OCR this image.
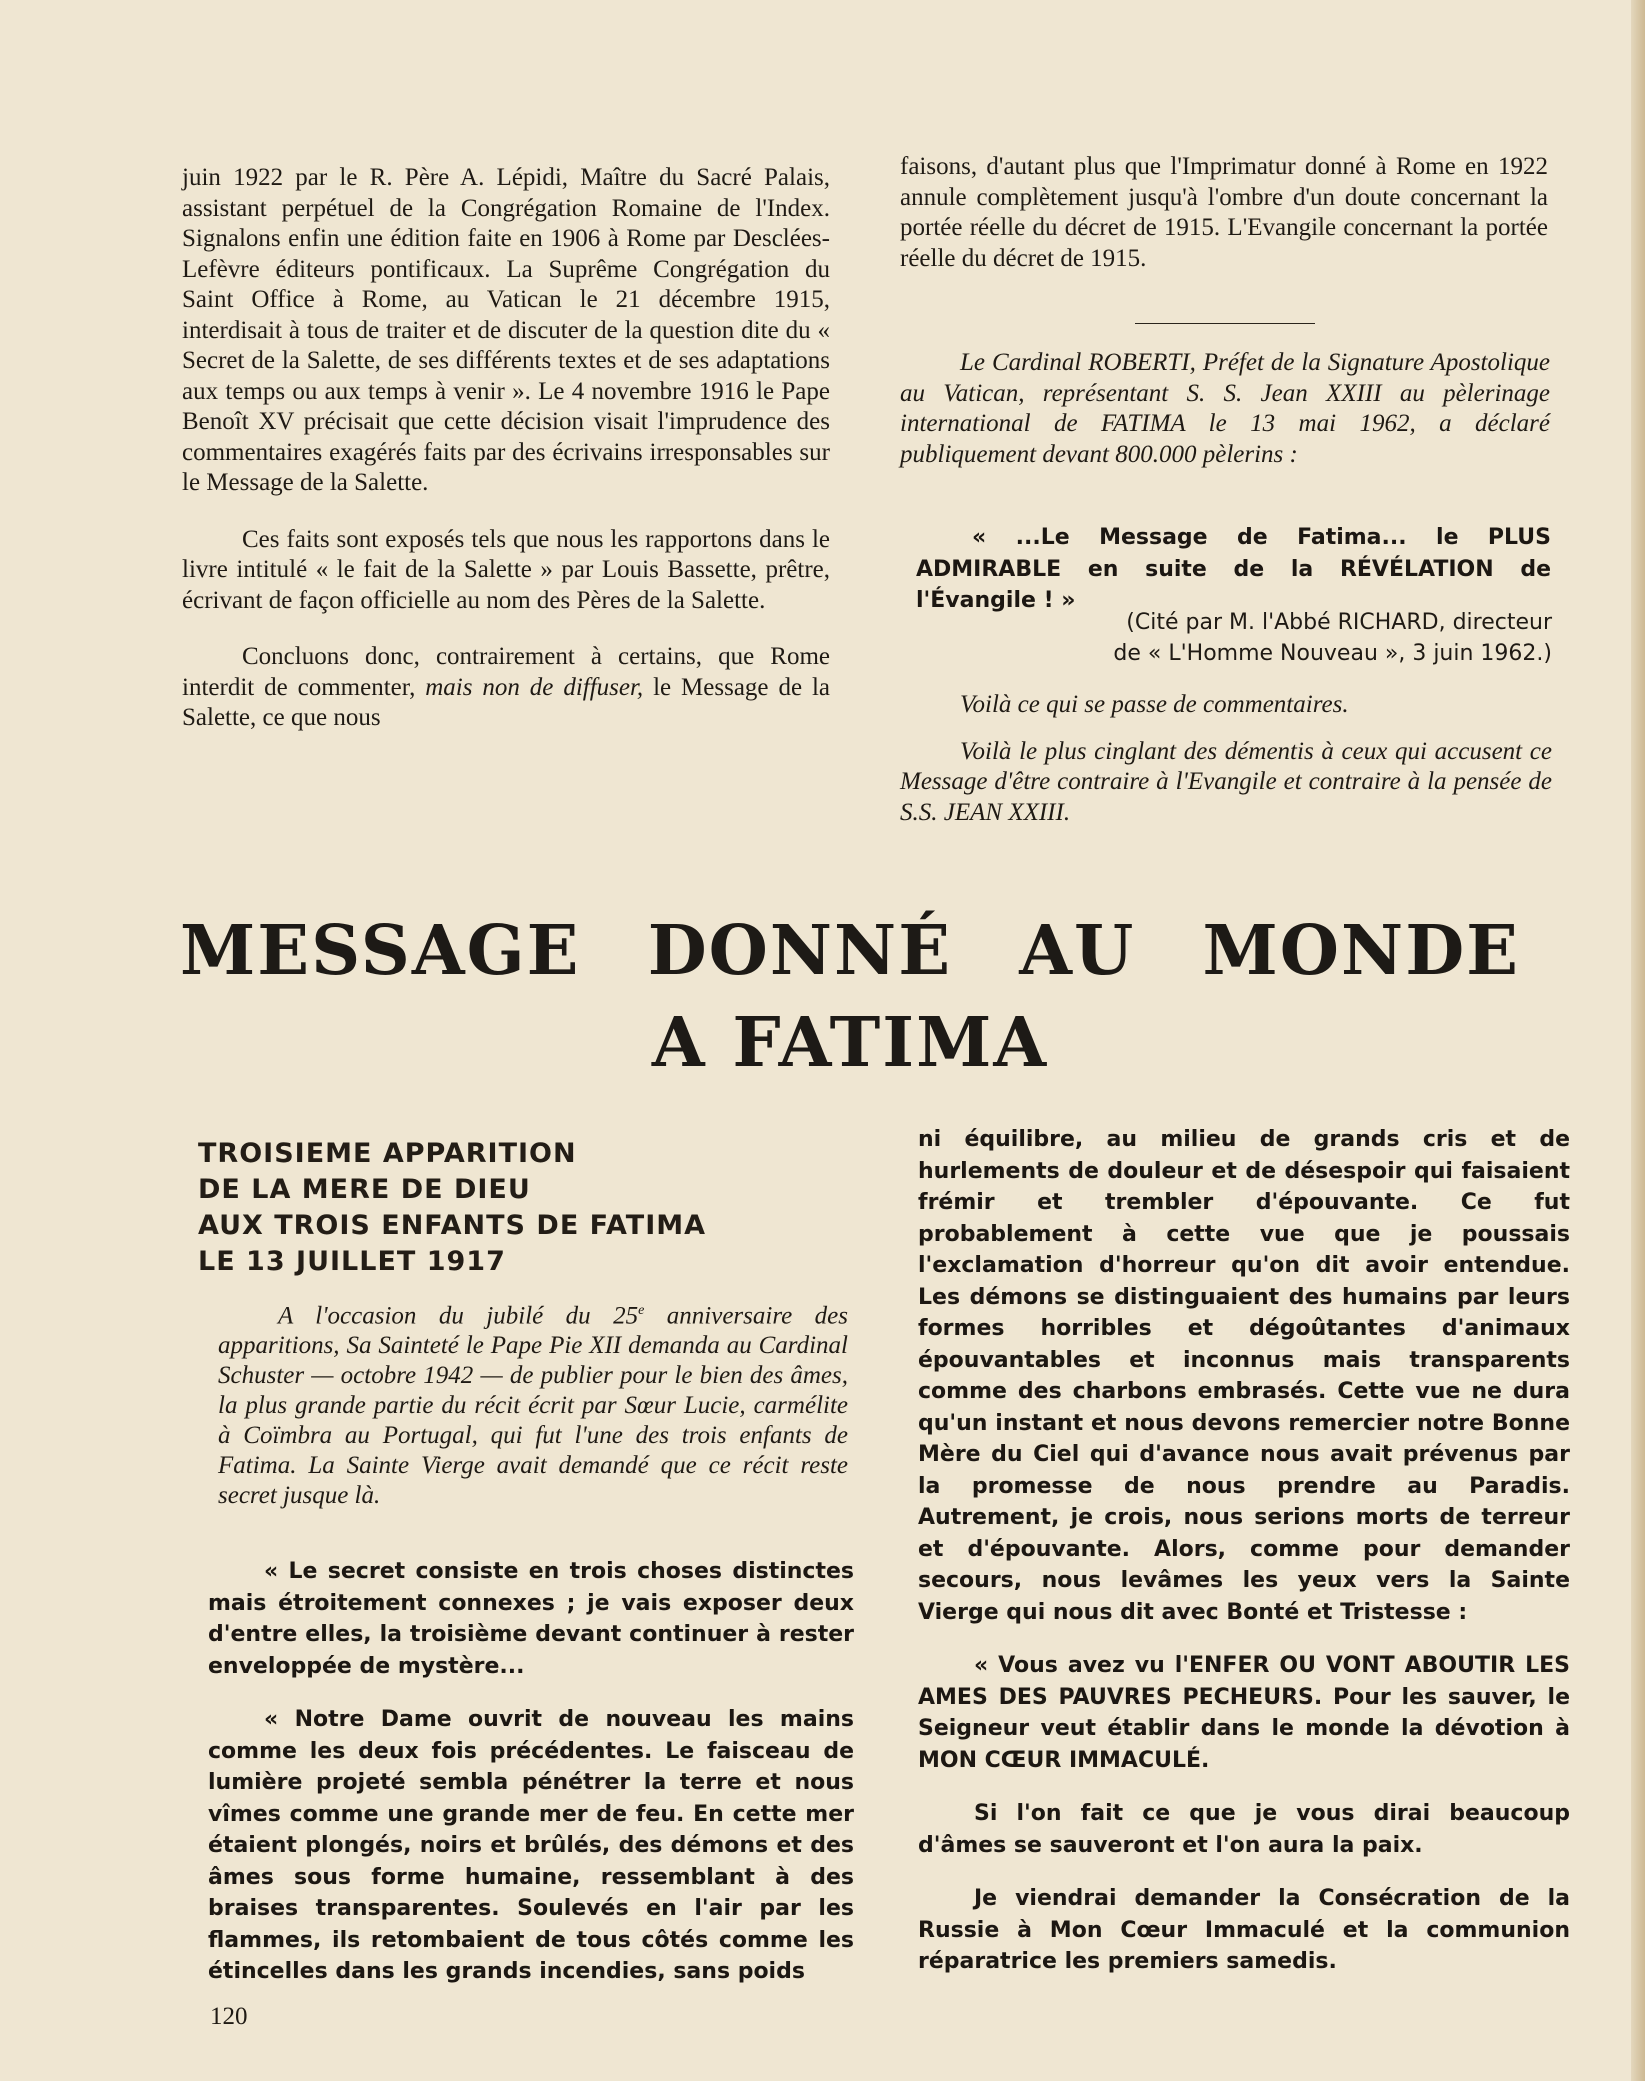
juin 1922 par le R. Père A. Lépidi, Maître du Sacré Palais, assistant perpétuel de la Congrégation Romaine de l'Index. Signalons enfin une édition faite en 1906 à Rome par Desclées-Lefèvre éditeurs pontificaux. La Suprême Congrégation du Saint Office à Rome, au Vatican le 21 décembre 1915, interdisait à tous de traiter et de discuter de la question dite du « Secret de la Salette, de ses différents textes et de ses adaptations aux temps ou aux temps à venir ». Le 4 novembre 1916 le Pape Benoît XV précisait que cette décision visait l'imprudence des commentaires exagérés faits par des écrivains irresponsables sur le Message de la Salette.

Ces faits sont exposés tels que nous les rapportons dans le livre intitulé « le fait de la Salette » par Louis Bassette, prêtre, écrivant de façon officielle au nom des Pères de la Salette.

Concluons donc, contrairement à certains, que Rome interdit de commenter, mais non de diffuser, le Message de la Salette, ce que nous

faisons, d'autant plus que l'Imprimatur donné à Rome en 1922 annule complètement jusqu'à l'ombre d'un doute concernant la portée réelle du décret de 1915. L'Evangile concernant la portée réelle du décret de 1915.

Le Cardinal ROBERTI, Préfet de la Signature Apostolique au Vatican, représentant S. S. Jean XXIII au pèlerinage international de FATIMA le 13 mai 1962, a déclaré publiquement devant 800.000 pèlerins :

« ...Le Message de Fatima... le PLUS ADMIRABLE en suite de la RÉVÉLATION de l'Évangile ! »

(Cité par M. l'Abbé RICHARD, directeur
de « L'Homme Nouveau », 3 juin 1962.)

Voilà ce qui se passe de commentaires.

Voilà le plus cinglant des démentis à ceux qui accusent ce Message d'être contraire à l'Evangile et contraire à la pensée de S.S. JEAN XXIII.

MESSAGE DONNÉ AU MONDE
A FATIMA
TROISIEME APPARITION
DE LA MERE DE DIEU
AUX TROIS ENFANTS DE FATIMA
LE 13 JUILLET 1917

A l'occasion du jubilé du 25e anniversaire des apparitions, Sa Sainteté le Pape Pie XII demanda au Cardinal Schuster — octobre 1942 — de publier pour le bien des âmes, la plus grande partie du récit écrit par Sœur Lucie, carmélite à Coïmbra au Portugal, qui fut l'une des trois enfants de Fatima. La Sainte Vierge avait demandé que ce récit reste secret jusque là.

« Le secret consiste en trois choses distinctes mais étroitement connexes ; je vais exposer deux d'entre elles, la troisième devant continuer à rester enveloppée de mystère...

« Notre Dame ouvrit de nouveau les mains comme les deux fois précédentes. Le faisceau de lumière projeté sembla pénétrer la terre et nous vîmes comme une grande mer de feu. En cette mer étaient plongés, noirs et brûlés, des démons et des âmes sous forme humaine, ressemblant à des braises transparentes. Soulevés en l'air par les flammes, ils retombaient de tous côtés comme les étincelles dans les grands incendies, sans poids

ni équilibre, au milieu de grands cris et de hurlements de douleur et de désespoir qui faisaient frémir et trembler d'épouvante. Ce fut probablement à cette vue que je poussais l'exclamation d'horreur qu'on dit avoir entendue. Les démons se distinguaient des humains par leurs formes horribles et dégoûtantes d'animaux épouvantables et inconnus mais transparents comme des charbons embrasés. Cette vue ne dura qu'un instant et nous devons remercier notre Bonne Mère du Ciel qui d'avance nous avait prévenus par la promesse de nous prendre au Paradis. Autrement, je crois, nous serions morts de terreur et d'épouvante. Alors, comme pour demander secours, nous levâmes les yeux vers la Sainte Vierge qui nous dit avec Bonté et Tristesse :

« Vous avez vu l'ENFER OU VONT ABOUTIR LES AMES DES PAUVRES PECHEURS. Pour les sauver, le Seigneur veut établir dans le monde la dévotion à MON CŒUR IMMACULÉ.

Si l'on fait ce que je vous dirai beaucoup d'âmes se sauveront et l'on aura la paix.

Je viendrai demander la Consécration de la Russie à Mon Cœur Immaculé et la communion réparatrice les premiers samedis.

120
